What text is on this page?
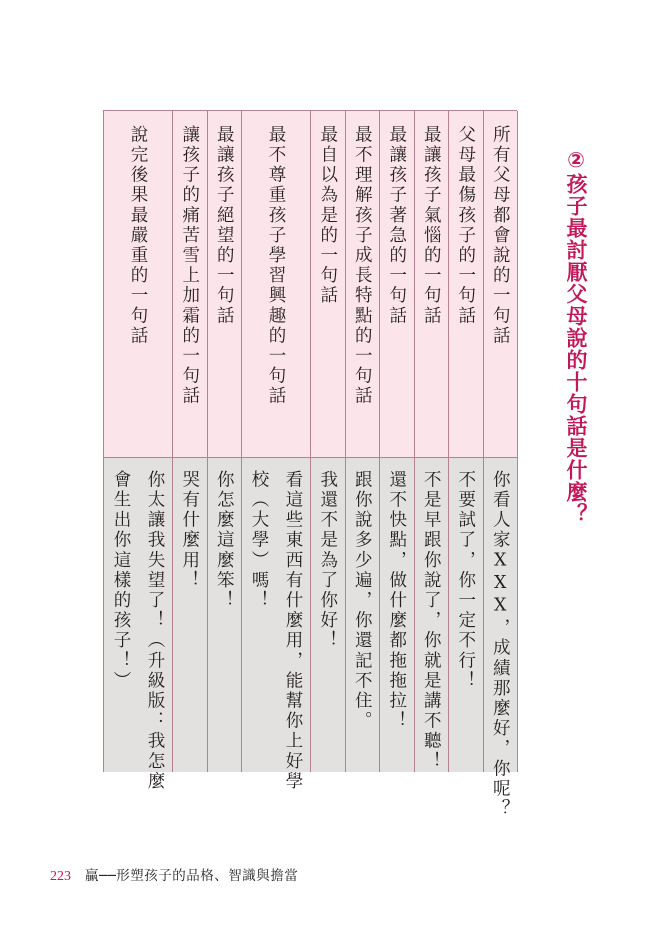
②孩子最討厭父母說的十句話是什麼？
所有父母都會說的一句話
你看人家XXX，成績那麼好，你呢？
父母最傷孩子的一句話
不要試了，你一定不行！
最讓孩子氣惱的一句話
不是早跟你說了，你就是講不聽！
最讓孩子著急的一句話
還不快點，做什麼都拖拖拉！
最不理解孩子成長特點的一句話
跟你說多少遍，你還記不住。
最自以為是的一句話
我還不是為了你好！
最不尊重孩子學習興趣的一句話
看這些東西有什麼用，能幫你上好學
校（大學）嗎！
最讓孩子絕望的一句話
你怎麼這麼笨！
讓孩子的痛苦雪上加霜的一句話
哭有什麼用！
說完後果最嚴重的一句話
你太讓我失望了！（升級版：我怎麼
會生出你這樣的孩子！）
223 贏──形塑孩子的品格、智識與擔當
